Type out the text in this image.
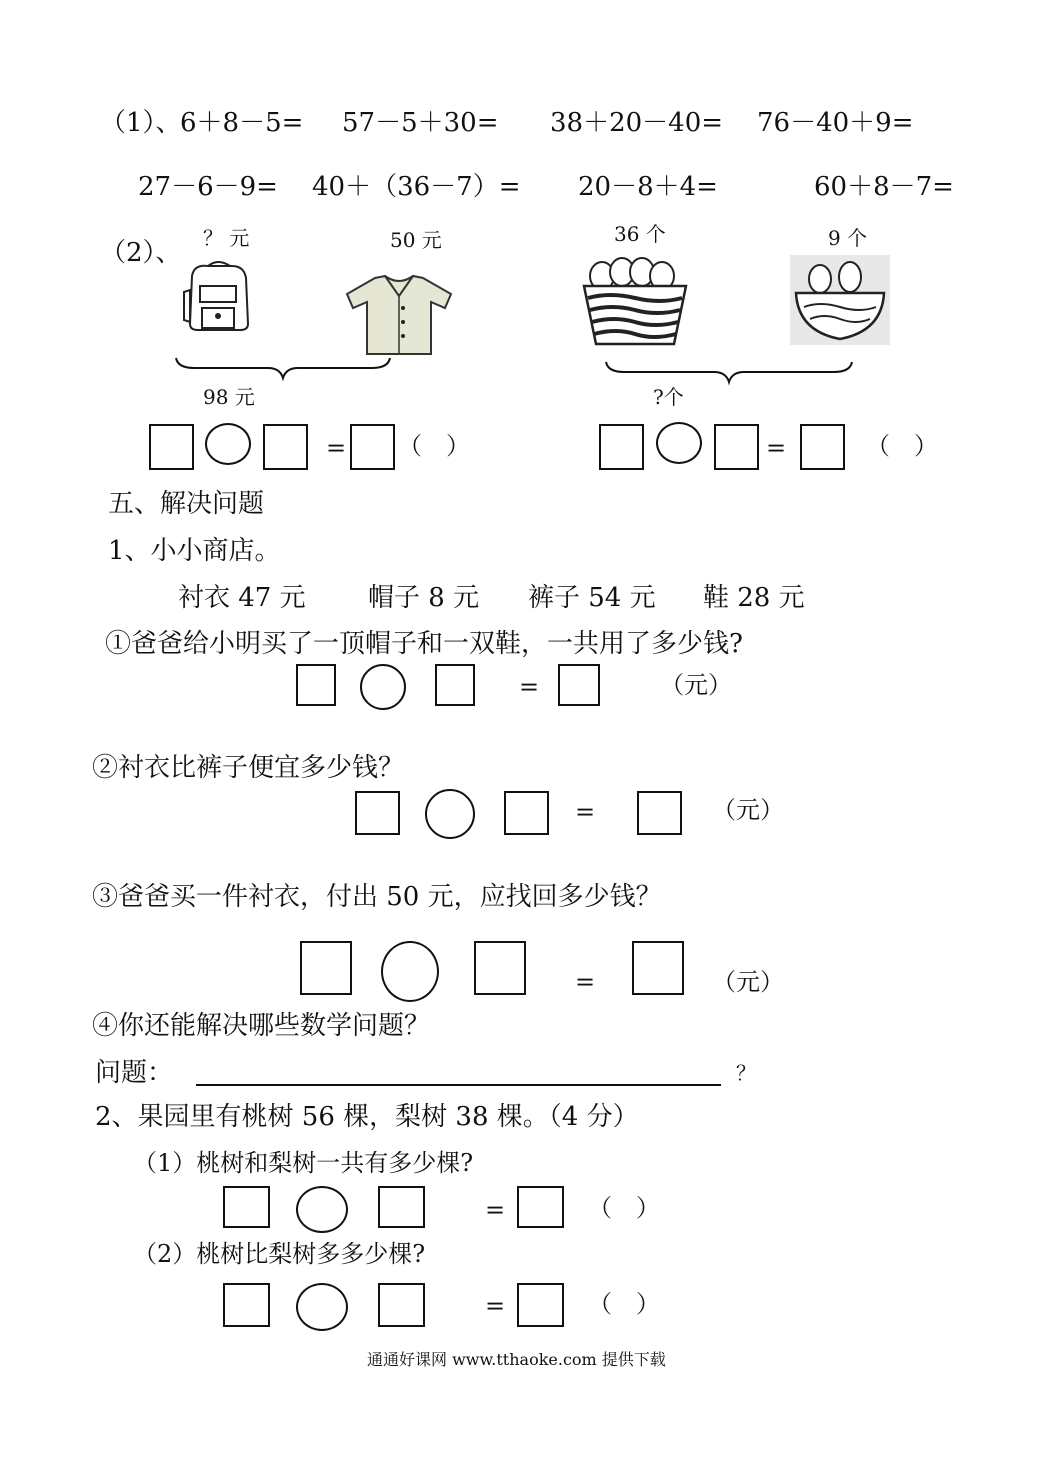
（1）、
6＋8－5= 57－5＋30= 38＋20－40= 76－40＋9=
27－6－9= 40＋（36－7）= 20－8＋4=	60＋8－7=
（2）、 ？ 元	50 元	36 个	9 个
98 元	?个
= （　）	=	（　）
五、解决问题
1、小小商店。
衬衣 47 元 帽子 8 元 裤子 54 元 鞋 28 元
①爸爸给小明买了一顶帽子和一双鞋，一共用了多少钱?
=	（元）
②衬衣比裤子便宜多少钱？
=	（元）
③爸爸买一件衬衣，付出 50 元，应找回多少钱？
=	（元）
④你还能解决哪些数学问题？
问题：	？
2、果园里有桃树 56 棵，梨树 38 棵。（4 分）
（1）桃树和梨树一共有多少棵?
=	（　）
（2）桃树比梨树多多少棵?
=	（　）
通通好课网 www.tthaoke.com 提供下载
